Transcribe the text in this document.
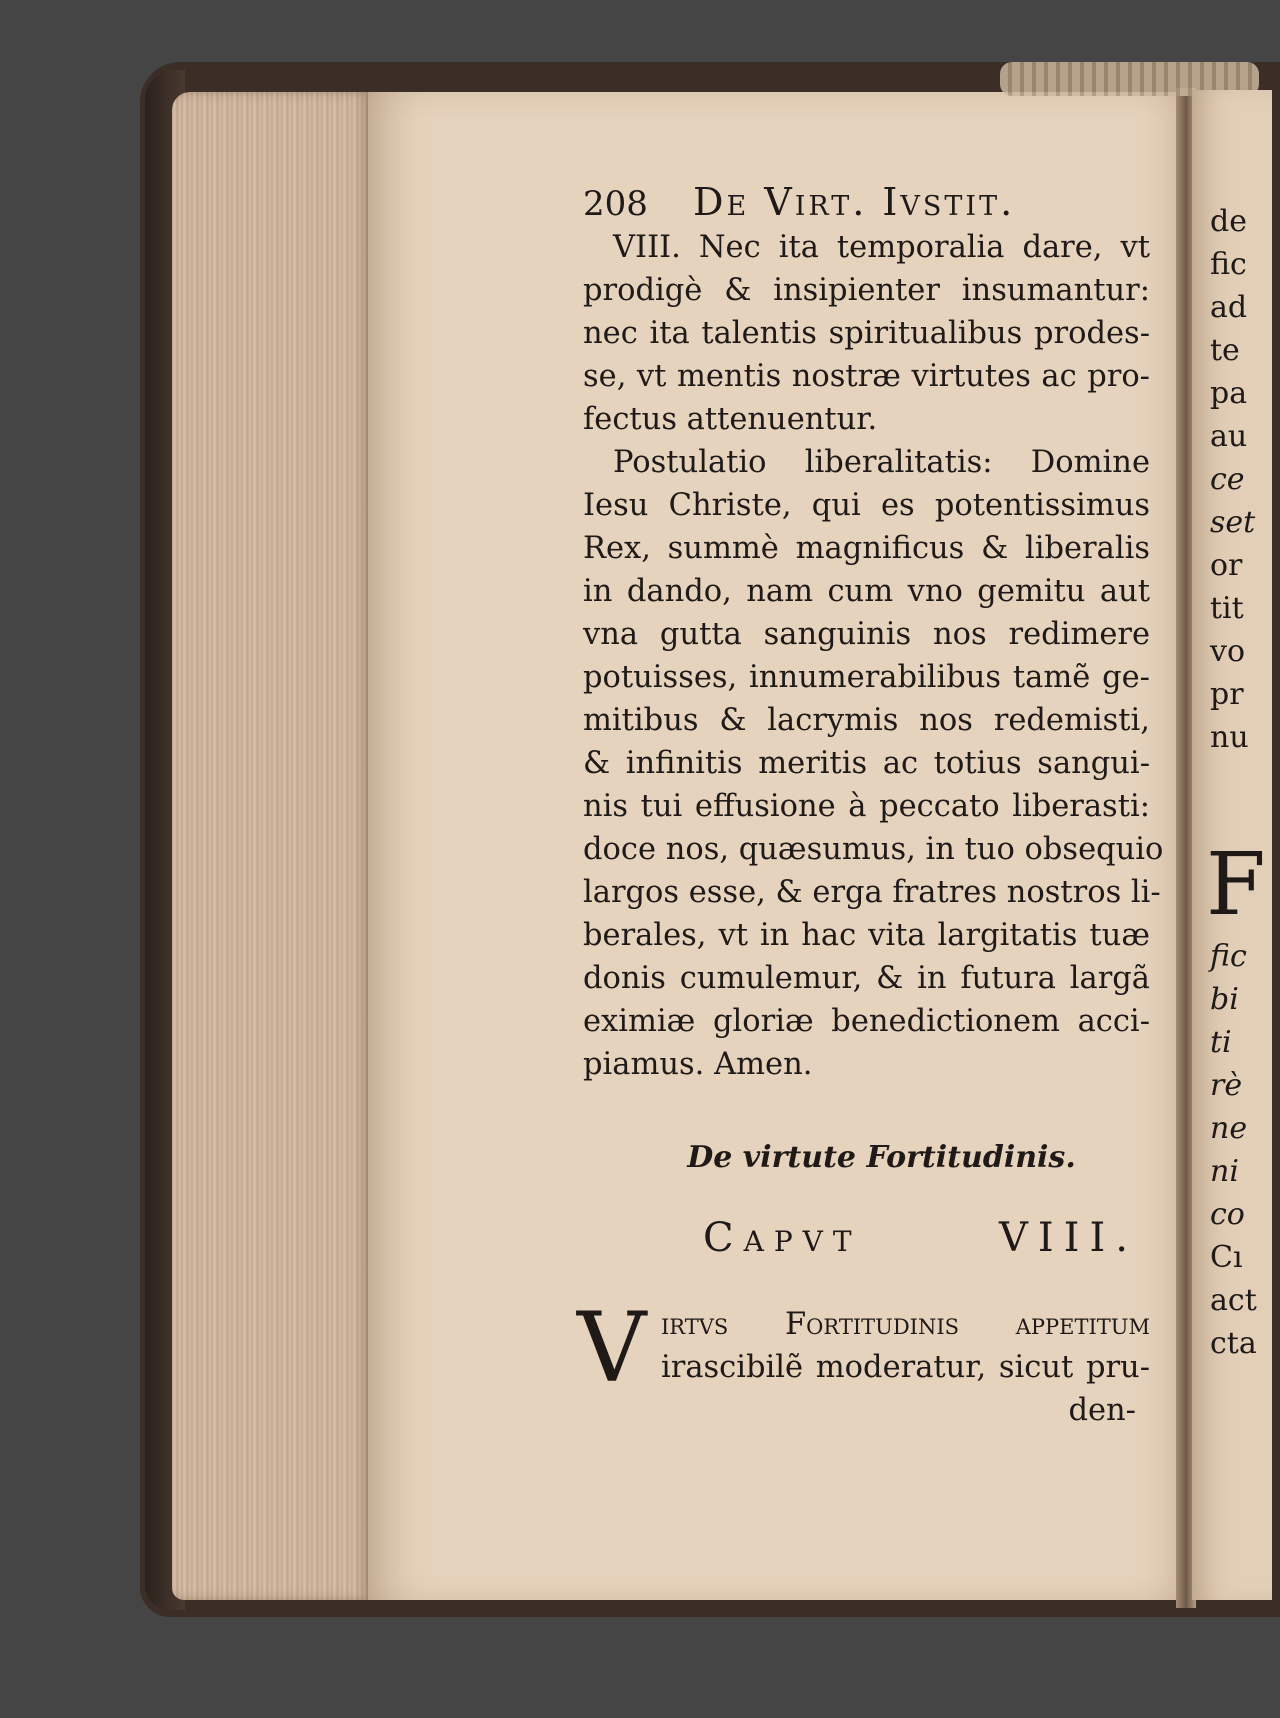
de
fic
ad
te
pa
au
ce
set
or
tit
vo
pr
nu
F
fic
bi
ti
rè
ne
ni
co
Cı
act
cta
208 De Virt. Ivstit.
VIII. Nec ita temporalia dare, vt
prodigè & insipienter insumantur:
nec ita talentis spiritualibus prodes-
se, vt mentis nostræ virtutes ac pro-
fectus attenuentur.
Postulatio liberalitatis: Domine
Iesu Christe, qui es potentissimus
Rex, summè magnificus & liberalis
in dando, nam cum vno gemitu aut
vna gutta sanguinis nos redimere
potuisses, innumerabilibus tamẽ ge-
mitibus & lacrymis nos redemisti,
& infinitis meritis ac totius sangui-
nis tui effusione à peccato liberasti:
doce nos, quæsumus, in tuo obsequio
largos esse, & erga fratres nostros li-
berales, vt in hac vita largitatis tuæ
donis cumulemur, & in futura largã
eximiæ gloriæ benedictionem acci-
piamus. Amen.
De virtute Fortitudinis.
Capvt	VIII.
V irtvs Fortitudinis appetitum
irascibilẽ moderatur, sicut pru-
den-
